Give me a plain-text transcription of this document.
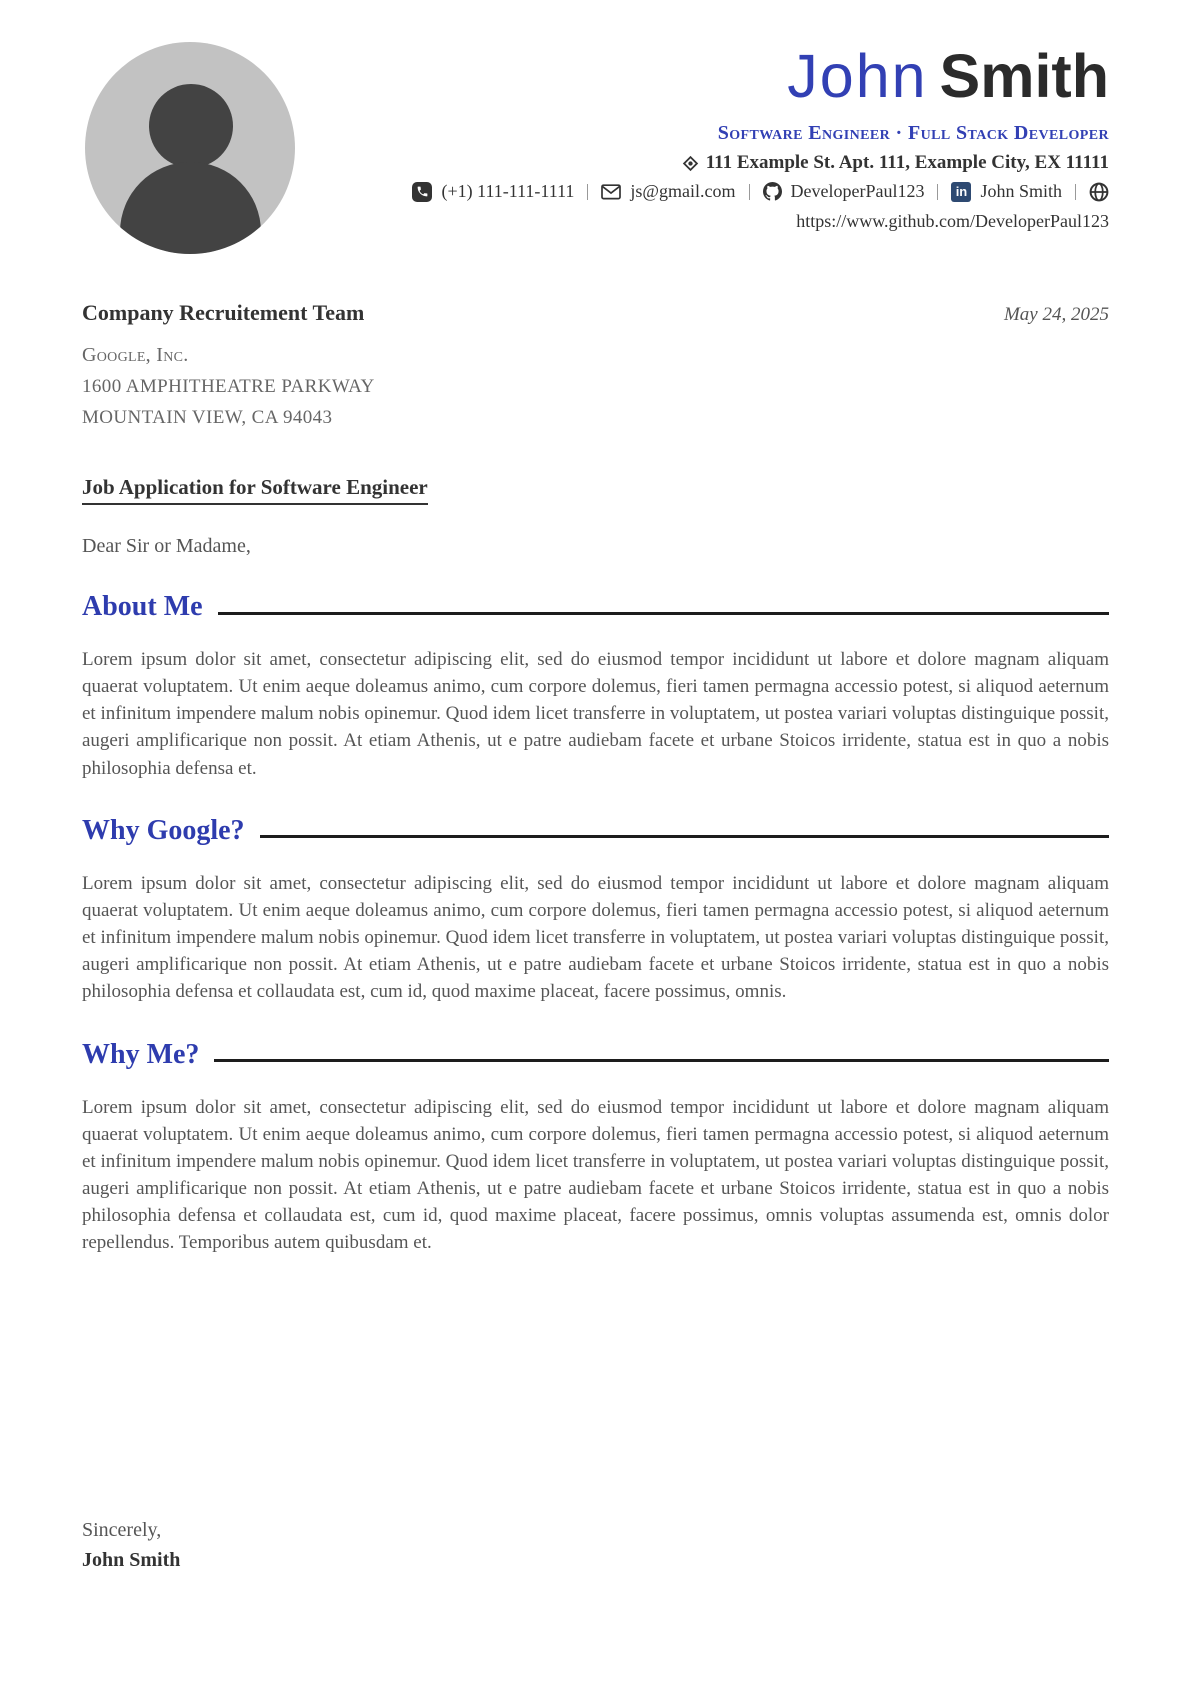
John Smith
Software Engineer · Full Stack Developer
111 Example St. Apt. 111, Example City, EX 11111
(+1) 111-111-1111	js@gmail.com	DeveloperPaul123	in John Smith
https://www.github.com/DeveloperPaul123
Company Recruitement Team	May 24, 2025
Google, Inc.
1600 AMPHITHEATRE PARKWAY
MOUNTAIN VIEW, CA 94043
Job Application for Software Engineer
Dear Sir or Madame,
About Me
Lorem ipsum dolor sit amet, consectetur adipiscing elit, sed do eiusmod tempor incididunt ut labore et dolore magnam aliquam quaerat voluptatem. Ut enim aeque doleamus animo, cum corpore dolemus, fieri tamen permagna accessio potest, si aliquod aeternum et infinitum impendere malum nobis opinemur. Quod idem licet transferre in voluptatem, ut postea variari voluptas distinguique possit, augeri amplificarique non possit. At etiam Athenis, ut e patre audiebam facete et urbane Stoicos irridente, statua est in quo a nobis philosophia defensa et.
Why Google?
Lorem ipsum dolor sit amet, consectetur adipiscing elit, sed do eiusmod tempor incididunt ut labore et dolore magnam aliquam quaerat voluptatem. Ut enim aeque doleamus animo, cum corpore dolemus, fieri tamen permagna accessio potest, si aliquod aeternum et infinitum impendere malum nobis opinemur. Quod idem licet transferre in voluptatem, ut postea variari voluptas distinguique possit, augeri amplificarique non possit. At etiam Athenis, ut e patre audiebam facete et urbane Stoicos irridente, statua est in quo a nobis philosophia defensa et collaudata est, cum id, quod maxime placeat, facere possimus, omnis.
Why Me?
Lorem ipsum dolor sit amet, consectetur adipiscing elit, sed do eiusmod tempor incididunt ut labore et dolore magnam aliquam quaerat voluptatem. Ut enim aeque doleamus animo, cum corpore dolemus, fieri tamen permagna accessio potest, si aliquod aeternum et infinitum impendere malum nobis opinemur. Quod idem licet transferre in voluptatem, ut postea variari voluptas distinguique possit, augeri amplificarique non possit. At etiam Athenis, ut e patre audiebam facete et urbane Stoicos irridente, statua est in quo a nobis philosophia defensa et collaudata est, cum id, quod maxime placeat, facere possimus, omnis voluptas assumenda est, omnis dolor repellendus. Temporibus autem quibusdam et.
Sincerely,
John Smith
